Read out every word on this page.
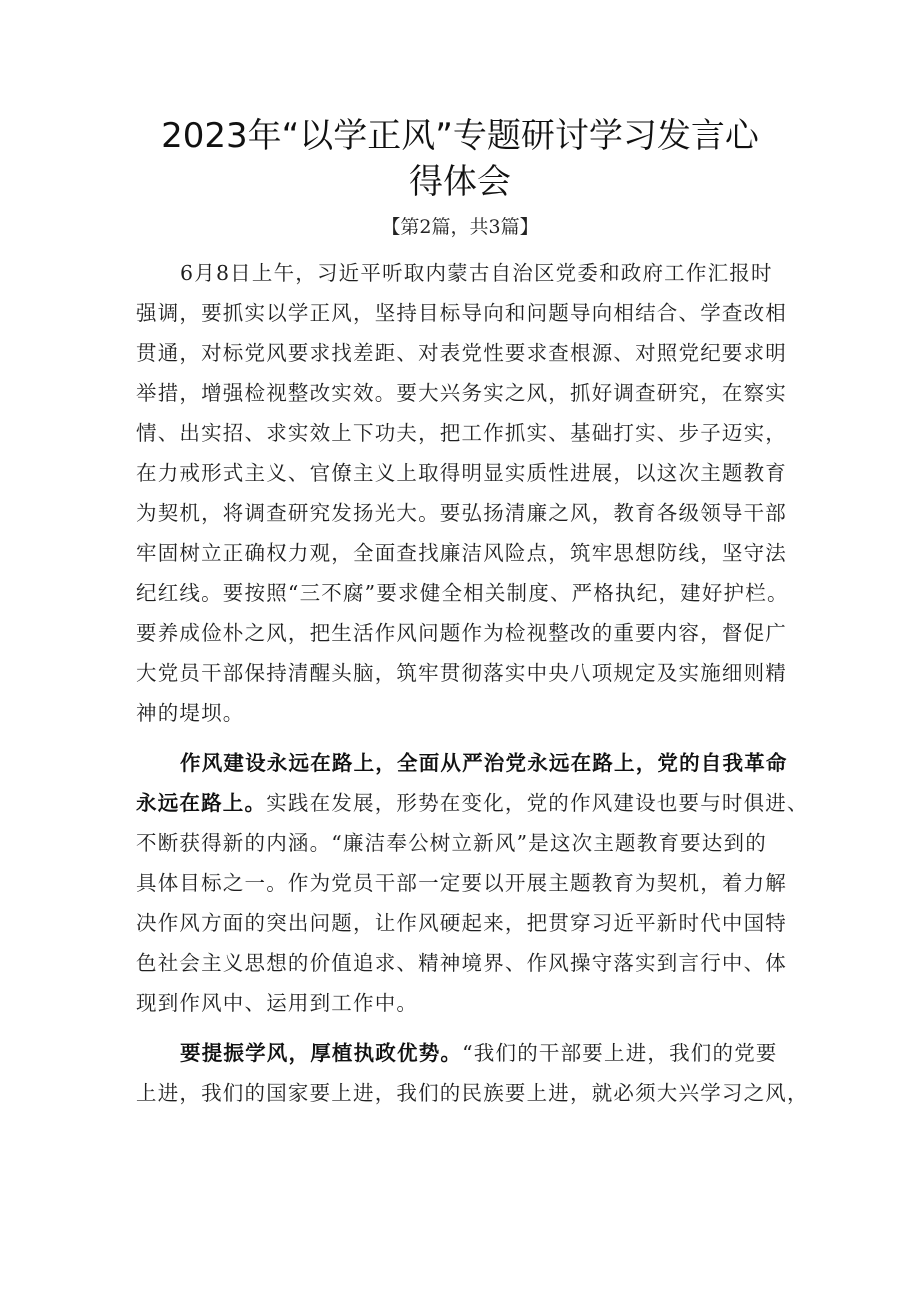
2023年“以学正风”专题研讨学习发言心
得体会
【第2篇，共3篇】
6月8日上午，习近平听取内蒙古自治区党委和政府工作汇报时
强调，要抓实以学正风，坚持目标导向和问题导向相结合、学查改相
贯通，对标党风要求找差距、对表党性要求查根源、对照党纪要求明
举措，增强检视整改实效。要大兴务实之风，抓好调查研究，在察实
情、出实招、求实效上下功夫，把工作抓实、基础打实、步子迈实，
在力戒形式主义、官僚主义上取得明显实质性进展，以这次主题教育
为契机，将调查研究发扬光大。要弘扬清廉之风，教育各级领导干部
牢固树立正确权力观，全面查找廉洁风险点，筑牢思想防线，坚守法
纪红线。要按照“三不腐”要求健全相关制度、严格执纪，建好护栏。
要养成俭朴之风，把生活作风问题作为检视整改的重要内容，督促广
大党员干部保持清醒头脑，筑牢贯彻落实中央八项规定及实施细则精
神的堤坝。
作风建设永远在路上，全面从严治党永远在路上，党的自我革命
永远在路上。实践在发展，形势在变化，党的作风建设也要与时俱进、
不断获得新的内涵。“廉洁奉公树立新风”是这次主题教育要达到的
具体目标之一。作为党员干部一定要以开展主题教育为契机，着力解
决作风方面的突出问题，让作风硬起来，把贯穿习近平新时代中国特
色社会主义思想的价值追求、精神境界、作风操守落实到言行中、体
现到作风中、运用到工作中。
要提振学风，厚植执政优势。“我们的干部要上进，我们的党要
上进，我们的国家要上进，我们的民族要上进，就必须大兴学习之风，
